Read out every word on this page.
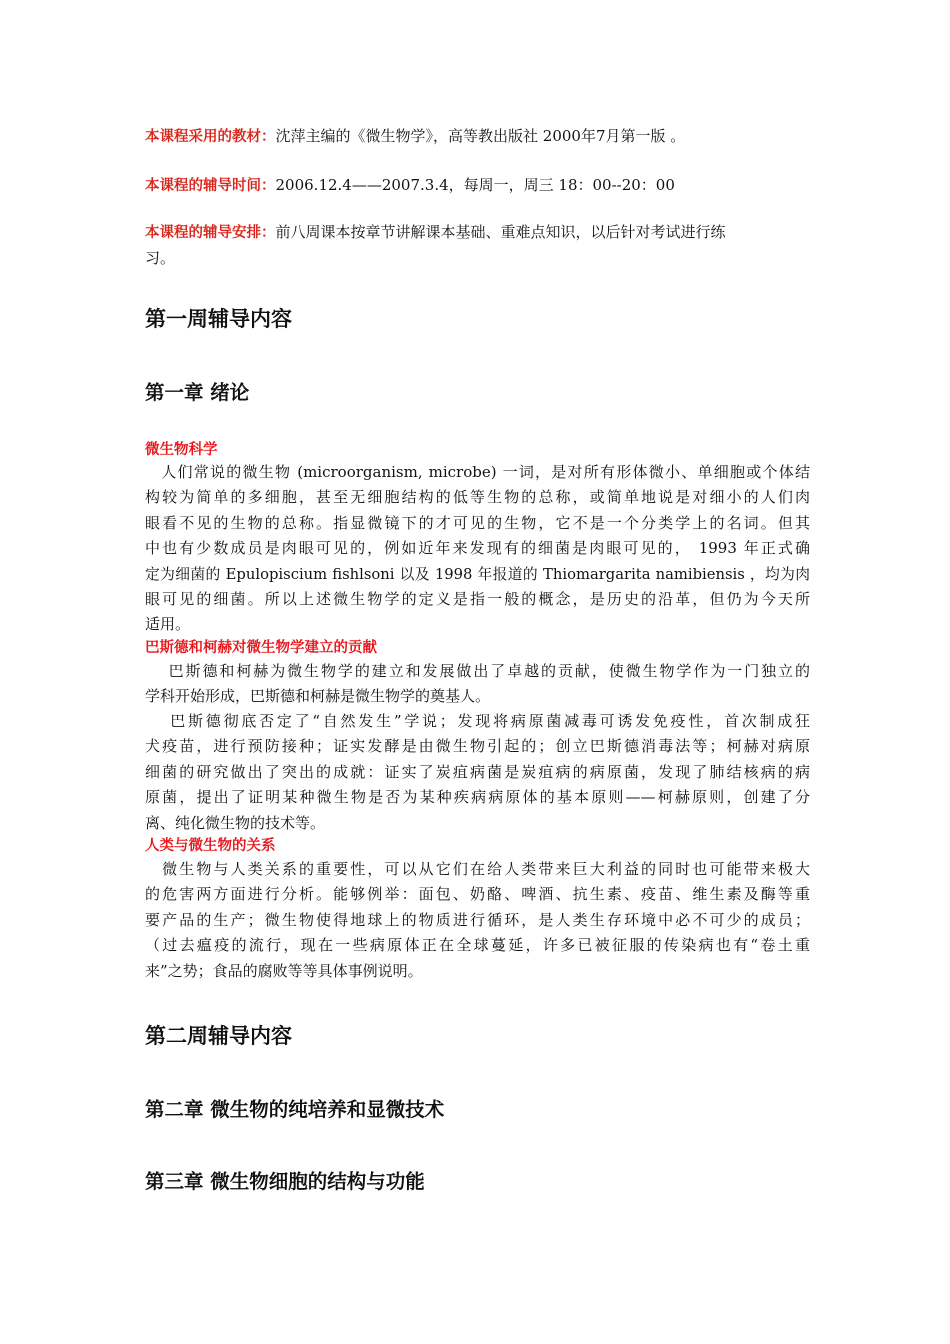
本课程采用的教材：沈萍主编的《微生物学》，高等教出版社 2000年7月第一版 。
本课程的辅导时间：2006.12.4——2007.3.4，每周一，周三 18：00--20：00
本课程的辅导安排：前八周课本按章节讲解课本基础、重难点知识，以后针对考试进行练
习。
第一周辅导内容
第一章 绪论
微生物科学
　人们常说的微生物 (microorganism, microbe) 一词，是对所有形体微小、单细胞或个体结
构较为简单的多细胞，甚至无细胞结构的低等生物的总称，或简单地说是对细小的人们肉
眼看不见的生物的总称。指显微镜下的才可见的生物，它不是一个分类学上的名词。但其
中也有少数成员是肉眼可见的，例如近年来发现有的细菌是肉眼可见的， 1993 年正式确
定为细菌的 Epulopiscium fishlsoni 以及 1998 年报道的 Thiomargarita namibiensis ，均为肉
眼可见的细菌。所以上述微生物学的定义是指一般的概念，是历史的沿革，但仍为今天所
适用。
巴斯德和柯赫对微生物学建立的贡献
　 巴斯德和柯赫为微生物学的建立和发展做出了卓越的贡献，使微生物学作为一门独立的
学科开始形成，巴斯德和柯赫是微生物学的奠基人。
　 巴斯德彻底否定了“自然发生”学说；发现将病原菌减毒可诱发免疫性，首次制成狂
犬疫苗，进行预防接种；证实发酵是由微生物引起的；创立巴斯德消毒法等；柯赫对病原
细菌的研究做出了突出的成就：证实了炭疽病菌是炭疽病的病原菌，发现了肺结核病的病
原菌，提出了证明某种微生物是否为某种疾病病原体的基本原则——柯赫原则，创建了分
离、纯化微生物的技术等。
人类与微生物的关系
　微生物与人类关系的重要性，可以从它们在给人类带来巨大利益的同时也可能带来极大
的危害两方面进行分析。能够例举：面包、奶酪、啤酒、抗生素、疫苗、维生素及酶等重
要产品的生产；微生物使得地球上的物质进行循环，是人类生存环境中必不可少的成员；
（过去瘟疫的流行，现在一些病原体正在全球蔓延，许多已被征服的传染病也有“卷土重
来”之势；食品的腐败等等具体事例说明。
第二周辅导内容
第二章 微生物的纯培养和显微技术
第三章 微生物细胞的结构与功能
